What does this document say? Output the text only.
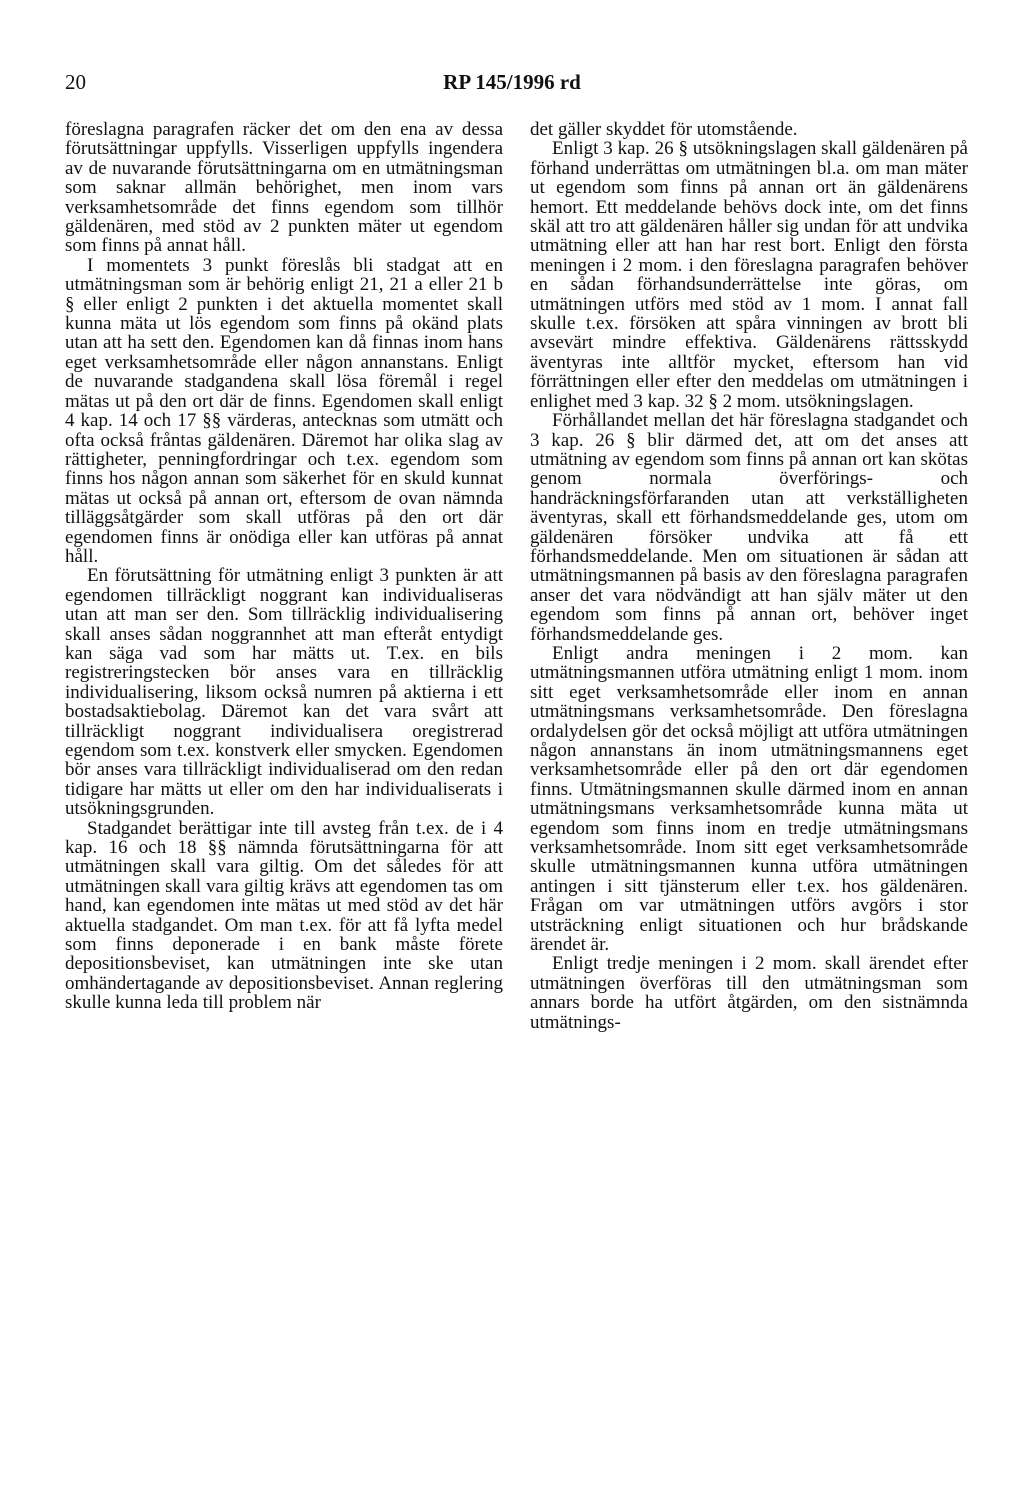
20	RP 145/1996 rd

föreslagna paragrafen räcker det om den ena av dessa förutsättningar uppfylls. Visserligen uppfylls ingendera av de nuvarande förutsättningarna om en utmätningsman som saknar allmän behörighet, men inom vars verksamhetsområde det finns egendom som tillhör gäldenären, med stöd av 2 punkten mäter ut egendom som finns på annat håll.

I momentets 3 punkt föreslås bli stadgat att en utmätningsman som är behörig enligt 21, 21 a eller 21 b § eller enligt 2 punkten i det aktuella momentet skall kunna mäta ut lös egendom som finns på okänd plats utan att ha sett den. Egendomen kan då finnas inom hans eget verksamhetsområde eller någon annanstans. Enligt de nuvarande stadgandena skall lösa föremål i regel mätas ut på den ort där de finns. Egendomen skall enligt 4 kap. 14 och 17 §§ värderas, antecknas som utmätt och ofta också fråntas gäldenären. Däremot har olika slag av rättigheter, penningfordringar och t.ex. egendom som finns hos någon annan som säkerhet för en skuld kunnat mätas ut också på annan ort, eftersom de ovan nämnda tilläggsåtgärder som skall utföras på den ort där egendomen finns är onödiga eller kan utföras på annat håll.

En förutsättning för utmätning enligt 3 punkten är att egendomen tillräckligt noggrant kan individualiseras utan att man ser den. Som tillräcklig individualisering skall anses sådan noggrannhet att man efteråt entydigt kan säga vad som har mätts ut. T.ex. en bils registreringstecken bör anses vara en tillräcklig individualisering, liksom också numren på aktierna i ett bostadsaktiebolag. Däremot kan det vara svårt att tillräckligt noggrant individualisera oregistrerad egendom som t.ex. konstverk eller smycken. Egendomen bör anses vara tillräckligt individualiserad om den redan tidigare har mätts ut eller om den har individualiserats i utsökningsgrunden.

Stadgandet berättigar inte till avsteg från t.ex. de i 4 kap. 16 och 18 §§ nämnda förutsättningarna för att utmätningen skall vara giltig. Om det således för att utmätningen skall vara giltig krävs att egendomen tas om hand, kan egendomen inte mätas ut med stöd av det här aktuella stadgandet. Om man t.ex. för att få lyfta medel som finns deponerade i en bank måste förete depositionsbeviset, kan utmätningen inte ske utan omhändertagande av depositionsbeviset. Annan reglering skulle kunna leda till problem när

det gäller skyddet för utomstående.

Enligt 3 kap. 26 § utsökningslagen skall gäldenären på förhand underrättas om utmätningen bl.a. om man mäter ut egendom som finns på annan ort än gäldenärens hemort. Ett meddelande behövs dock inte, om det finns skäl att tro att gäldenären håller sig undan för att undvika utmätning eller att han har rest bort. Enligt den första meningen i 2 mom. i den föreslagna paragrafen behöver en sådan förhandsunderrättelse inte göras, om utmätningen utförs med stöd av 1 mom. I annat fall skulle t.ex. försöken att spåra vinningen av brott bli avsevärt mindre effektiva. Gäldenärens rättsskydd äventyras inte alltför mycket, eftersom han vid förrättningen eller efter den meddelas om utmätningen i enlighet med 3 kap. 32 § 2 mom. utsökningslagen.

Förhållandet mellan det här föreslagna stadgandet och 3 kap. 26 § blir därmed det, att om det anses att utmätning av egendom som finns på annan ort kan skötas genom normala överförings- och handräckningsförfaranden utan att verkställigheten äventyras, skall ett förhandsmeddelande ges, utom om gäldenären försöker undvika att få ett förhandsmeddelande. Men om situationen är sådan att utmätningsmannen på basis av den föreslagna paragrafen anser det vara nödvändigt att han själv mäter ut den egendom som finns på annan ort, behöver inget förhandsmeddelande ges.

Enligt andra meningen i 2 mom. kan utmätningsmannen utföra utmätning enligt 1 mom. inom sitt eget verksamhetsområde eller inom en annan utmätningsmans verksamhetsområde. Den föreslagna ordalydelsen gör det också möjligt att utföra utmätningen någon annanstans än inom utmätningsmannens eget verksamhetsområde eller på den ort där egendomen finns. Utmätningsmannen skulle därmed inom en annan utmätningsmans verksamhetsområde kunna mäta ut egendom som finns inom en tredje utmätningsmans verksamhetsområde. Inom sitt eget verksamhetsområde skulle utmätningsmannen kunna utföra utmätningen antingen i sitt tjänsterum eller t.ex. hos gäldenären. Frågan om var utmätningen utförs avgörs i stor utsträckning enligt situationen och hur brådskande ärendet är.

Enligt tredje meningen i 2 mom. skall ärendet efter utmätningen överföras till den utmätningsman som annars borde ha utfört åtgärden, om den sistnämnda utmätnings-
